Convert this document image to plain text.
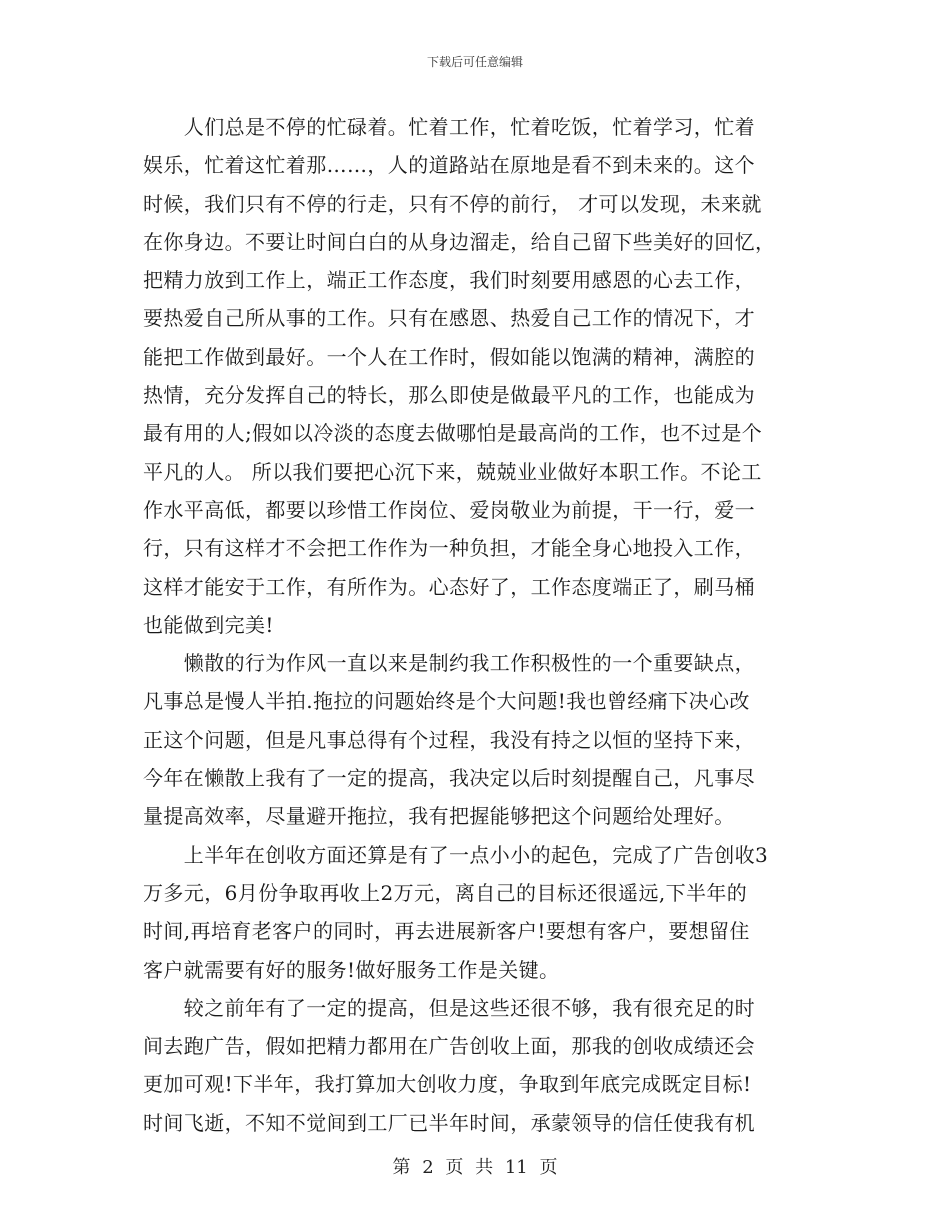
下载后可任意编辑
　　人们总是不停的忙碌着。忙着工作，忙着吃饭，忙着学习，忙着
娱乐，忙着这忙着那……，人的道路站在原地是看不到未来的。这个
时候，我们只有不停的行走，只有不停的前行， 才可以发现，未来就
在你身边。不要让时间白白的从身边溜走，给自己留下些美好的回忆，
把精力放到工作上，端正工作态度，我们时刻要用感恩的心去工作，
要热爱自己所从事的工作。只有在感恩、热爱自己工作的情况下，才
能把工作做到最好。一个人在工作时，假如能以饱满的精神，满腔的
热情，充分发挥自己的特长，那么即使是做最平凡的工作，也能成为
最有用的人;假如以冷淡的态度去做哪怕是最高尚的工作，也不过是个
平凡的人。 所以我们要把心沉下来，兢兢业业做好本职工作。不论工
作水平高低，都要以珍惜工作岗位、爱岗敬业为前提，干一行，爱一
行，只有这样才不会把工作作为一种负担，才能全身心地投入工作，
这样才能安于工作，有所作为。心态好了，工作态度端正了，刷马桶
也能做到完美!
　　懒散的行为作风一直以来是制约我工作积极性的一个重要缺点，
凡事总是慢人半拍.拖拉的问题始终是个大问题!我也曾经痛下决心改
正这个问题，但是凡事总得有个过程，我没有持之以恒的坚持下来，
今年在懒散上我有了一定的提高，我决定以后时刻提醒自己，凡事尽
量提高效率，尽量避开拖拉，我有把握能够把这个问题给处理好。
　　上半年在创收方面还算是有了一点小小的起色，完成了广告创收3
万多元，6月份争取再收上2万元，离自己的目标还很遥远,下半年的
时间,再培育老客户的同时，再去进展新客户!要想有客户，要想留住
客户就需要有好的服务!做好服务工作是关键。
　　较之前年有了一定的提高，但是这些还很不够，我有很充足的时
间去跑广告，假如把精力都用在广告创收上面，那我的创收成绩还会
更加可观!下半年，我打算加大创收力度，争取到年底完成既定目标!
时间飞逝，不知不觉间到工厂已半年时间，承蒙领导的信任使我有机
第 2 页 共 11 页
